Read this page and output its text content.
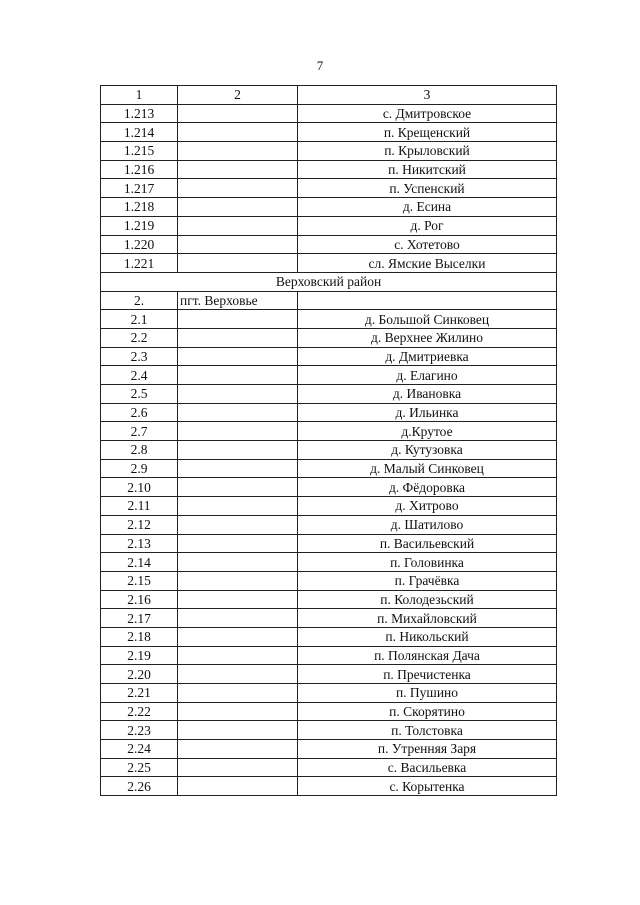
7
1	2	3
1.213		с. Дмитровское
1.214		п. Крещенский
1.215		п. Крыловский
1.216		п. Никитский
1.217		п. Успенский
1.218		д. Есина
1.219		д. Рог
1.220		с. Хотетово
1.221		сл. Ямские Выселки
Верховский район		
2.	пгт. Верховье	
2.1		д. Большой Синковец
2.2		д. Верхнее Жилино
2.3		д. Дмитриевка
2.4		д. Елагино
2.5		д. Ивановка
2.6		д. Ильинка
2.7		д.Крутое
2.8		д. Кутузовка
2.9		д. Малый Синковец
2.10		д. Фёдоровка
2.11		д. Хитрово
2.12		д. Шатилово
2.13		п. Васильевский
2.14		п. Головинка
2.15		п. Грачёвка
2.16		п. Колодезьский
2.17		п. Михайловский
2.18		п. Никольский
2.19		п. Полянская Дача
2.20		п. Пречистенка
2.21		п. Пушино
2.22		п. Скорятино
2.23		п. Толстовка
2.24		п. Утренняя Заря
2.25		с. Васильевка
2.26		с. Корытенка
